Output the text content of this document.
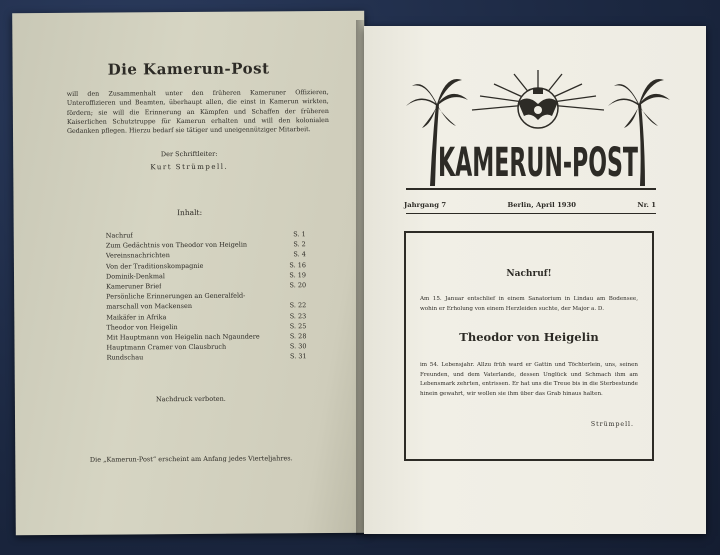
Die Kamerun-Post
will den Zusammenhalt unter den früheren Kameruner Offizieren, Unteroffizieren und Beamten, überhaupt allen, die einst in Kamerun wirkten, fördern; sie will die Erinnerung an Kämpfen und Schaffen der früheren Kaiserlichen Schutztruppe für Kamerun erhalten und will den kolonialen Gedanken pflegen. Hierzu bedarf sie tätiger und uneigennütziger Mitarbeit.
Der Schriftleiter:
Kurt Strümpell.
Inhalt:
Nachruf	S. 1
Zum Gedächtnis von Theodor von Heigelin	S. 2
Vereinsnachrichten	S. 4
Von der Traditionskompagnie	S. 16
Dominik-Denkmal	S. 19
Kameruner Brief	S. 20
Persönliche Erinnerungen an Generalfeld-
marschall von Mackensen	S. 22
Maikäfer in Afrika	S. 23
Theodor von Heigelin	S. 25
Mit Hauptmann von Heigelin nach Ngaundere	S. 28
Hauptmann Cramer von Clausbruch	S. 30
Rundschau	S. 31
Nachdruck verboten.
Die „Kamerun-Post“ erscheint am Anfang jedes Vierteljahres.
KAMERUN-POST
Jahrgang 7	Berlin, April 1930	Nr. 1
Nachruf!
Am 15. Januar entschlief in einem Sanatorium in Lindau am Bodensee, wohin er Erholung von einem Herzleiden suchte, der Major a. D.
Theodor von Heigelin
im 54. Lebensjahr. Allzu früh ward er Gattin und Töchterlein, uns, seinen Freunden, und dem Vaterlande, dessen Unglück und Schmach ihm am Lebensmark zehrten, entrissen. Er hat uns die Treue bis in die Sterbestunde hinein gewahrt, wir wollen sie ihm über das Grab hinaus halten.
Strümpell.
